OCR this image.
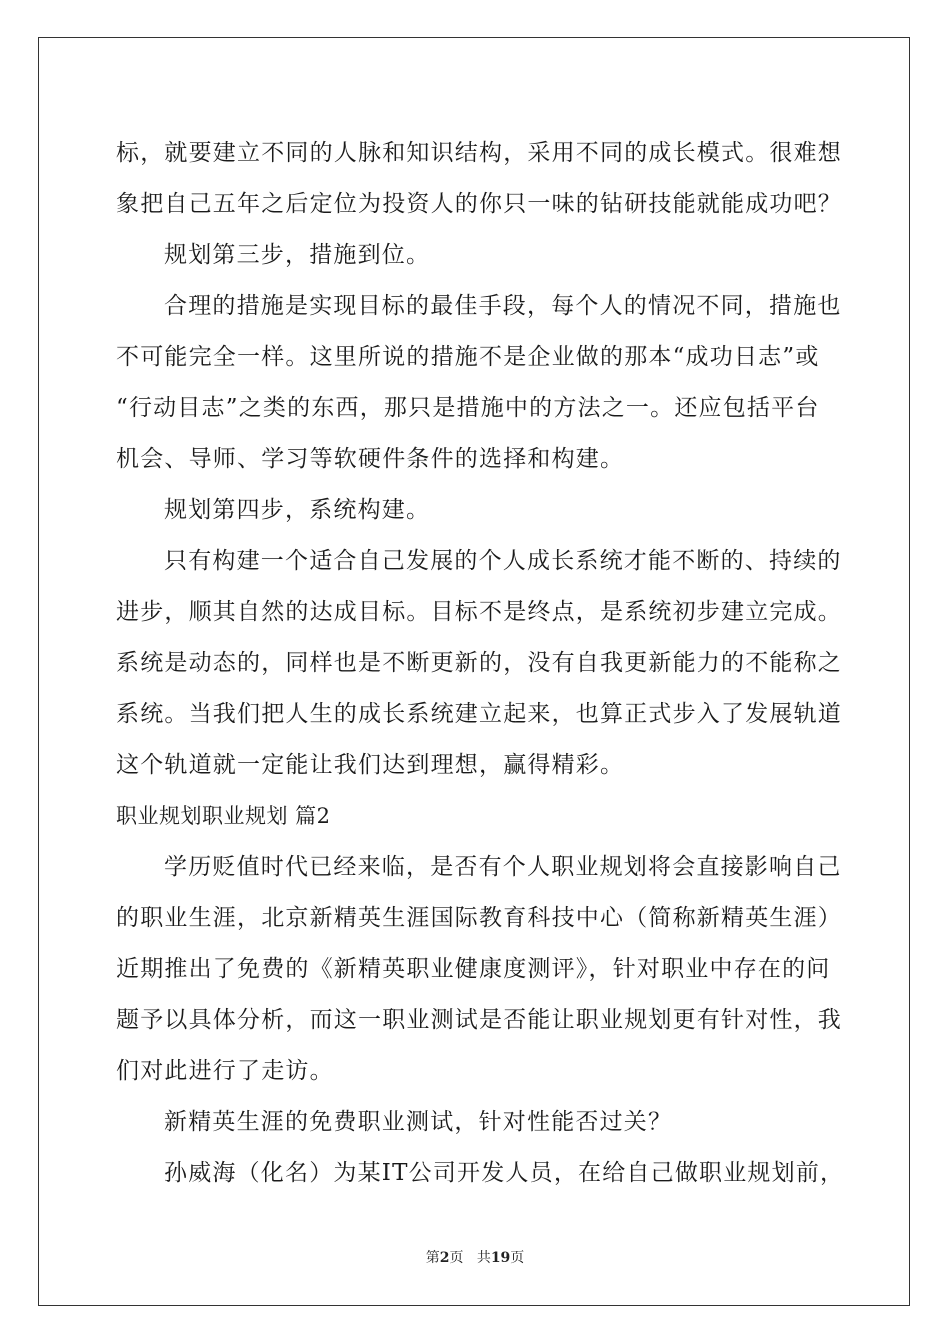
标，就要建立不同的人脉和知识结构，采用不同的成长模式。很难想
象把自己五年之后定位为投资人的你只一味的钻研技能就能成功吧？
规划第三步，措施到位。
合理的措施是实现目标的最佳手段，每个人的情况不同，措施也
不可能完全一样。这里所说的措施不是企业做的那本“成功日志”或
“行动目志”之类的东西，那只是措施中的方法之一。还应包括平台
机会、导师、学习等软硬件条件的选择和构建。
规划第四步，系统构建。
只有构建一个适合自己发展的个人成长系统才能不断的、持续的
进步，顺其自然的达成目标。目标不是终点，是系统初步建立完成。
系统是动态的，同样也是不断更新的，没有自我更新能力的不能称之
系统。当我们把人生的成长系统建立起来，也算正式步入了发展轨道
这个轨道就一定能让我们达到理想，赢得精彩。
职业规划职业规划 篇2
学历贬值时代已经来临，是否有个人职业规划将会直接影响自己
的职业生涯，北京新精英生涯国际教育科技中心（简称新精英生涯）
近期推出了免费的《新精英职业健康度测评》，针对职业中存在的问
题予以具体分析，而这一职业测试是否能让职业规划更有针对性，我
们对此进行了走访。
新精英生涯的免费职业测试，针对性能否过关？
孙威海（化名）为某IT公司开发人员，在给自己做职业规划前，
第2页 共19页
